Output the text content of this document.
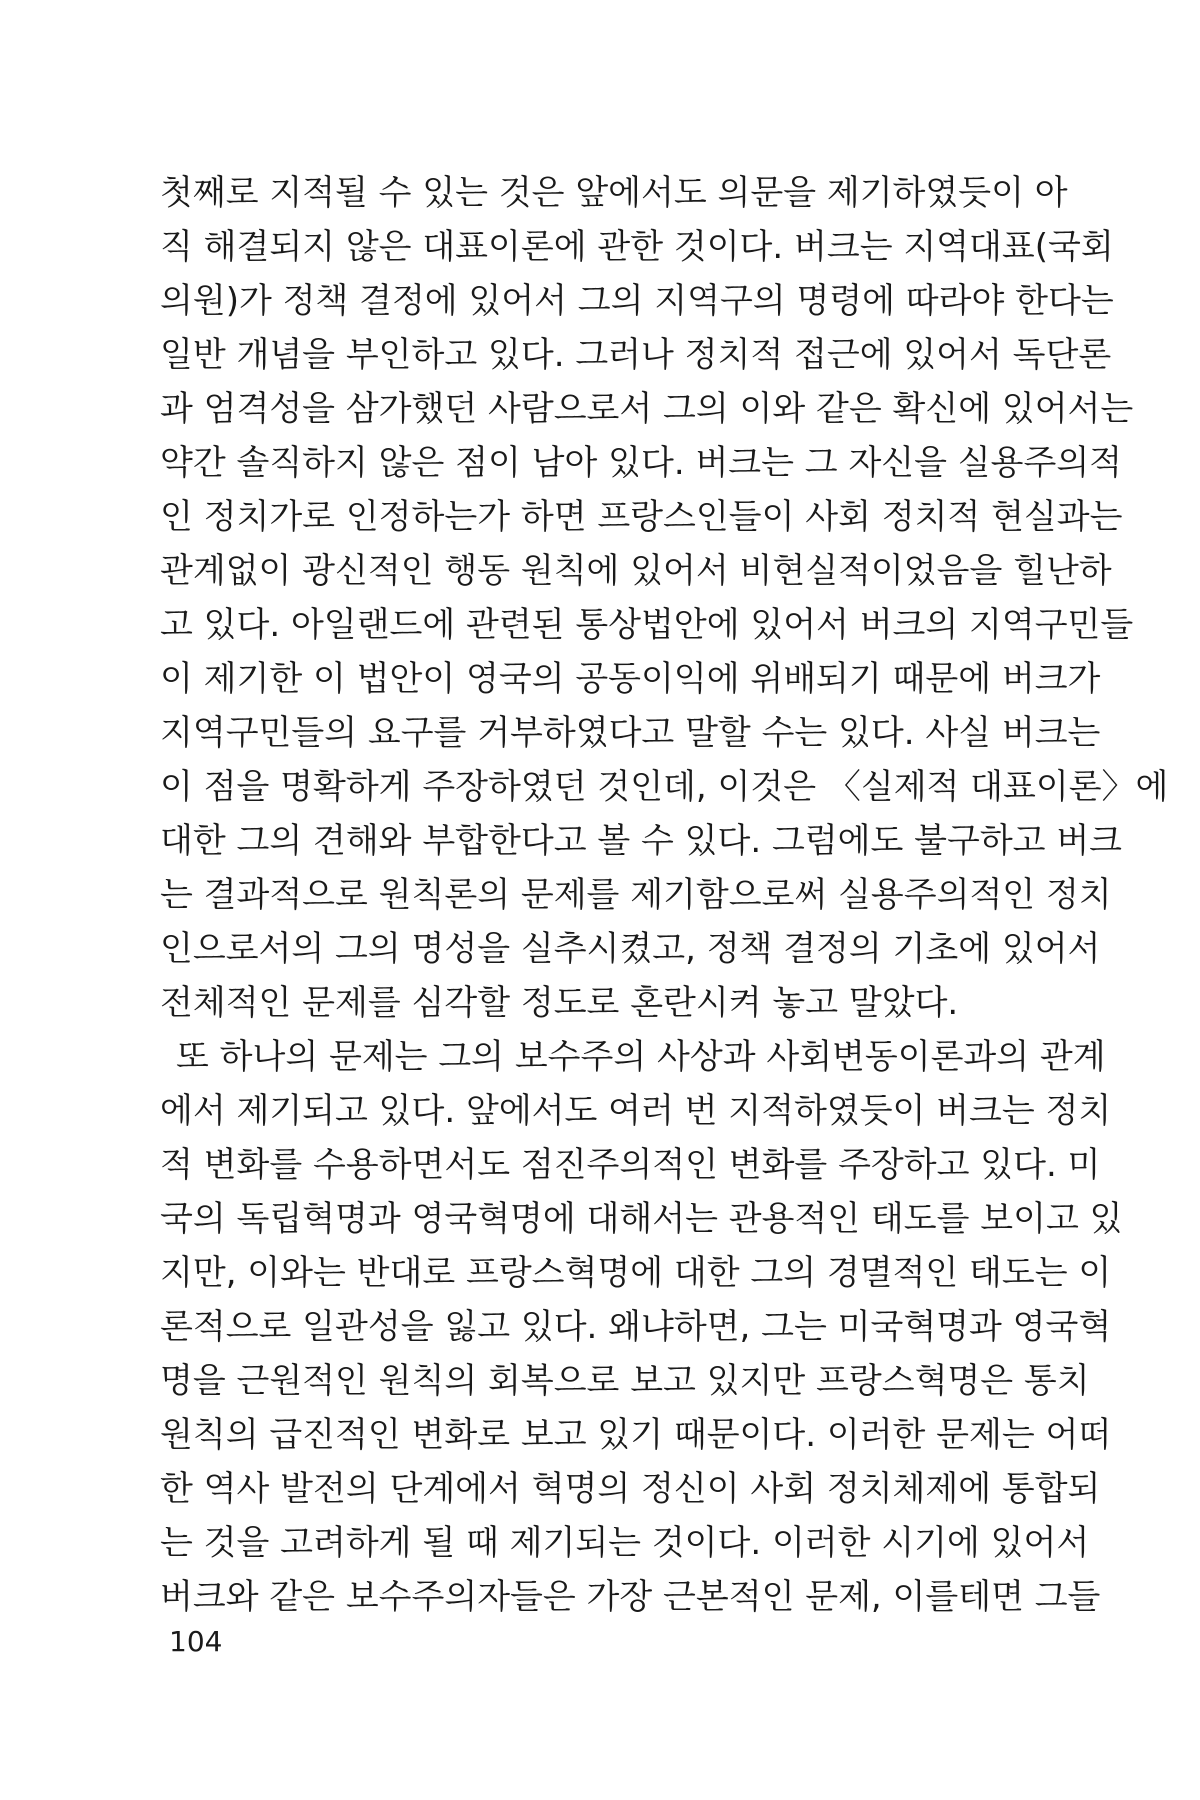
첫째로 지적될 수 있는 것은 앞에서도 의문을 제기하였듯이 아
직 해결되지 않은 대표이론에 관한 것이다. 버크는 지역대표(국회
의원)가 정책 결정에 있어서 그의 지역구의 명령에 따라야 한다는
일반 개념을 부인하고 있다. 그러나 정치적 접근에 있어서 독단론
과 엄격성을 삼가했던 사람으로서 그의 이와 같은 확신에 있어서는
약간 솔직하지 않은 점이 남아 있다. 버크는 그 자신을 실용주의적
인 정치가로 인정하는가 하면 프랑스인들이 사회 정치적 현실과는
관계없이 광신적인 행동 원칙에 있어서 비현실적이었음을 힐난하
고 있다. 아일랜드에 관련된 통상법안에 있어서 버크의 지역구민들
이 제기한 이 법안이 영국의 공동이익에 위배되기 때문에 버크가
지역구민들의 요구를 거부하였다고 말할 수는 있다. 사실 버크는
이 점을 명확하게 주장하였던 것인데, 이것은 〈실제적 대표이론〉에
대한 그의 견해와 부합한다고 볼 수 있다. 그럼에도 불구하고 버크
는 결과적으로 원칙론의 문제를 제기함으로써 실용주의적인 정치
인으로서의 그의 명성을 실추시켰고, 정책 결정의 기초에 있어서
전체적인 문제를 심각할 정도로 혼란시켜 놓고 말았다.
또 하나의 문제는 그의 보수주의 사상과 사회변동이론과의 관계
에서 제기되고 있다. 앞에서도 여러 번 지적하였듯이 버크는 정치
적 변화를 수용하면서도 점진주의적인 변화를 주장하고 있다. 미
국의 독립혁명과 영국혁명에 대해서는 관용적인 태도를 보이고 있
지만, 이와는 반대로 프랑스혁명에 대한 그의 경멸적인 태도는 이
론적으로 일관성을 잃고 있다. 왜냐하면, 그는 미국혁명과 영국혁
명을 근원적인 원칙의 회복으로 보고 있지만 프랑스혁명은 통치
원칙의 급진적인 변화로 보고 있기 때문이다. 이러한 문제는 어떠
한 역사 발전의 단계에서 혁명의 정신이 사회 정치체제에 통합되
는 것을 고려하게 될 때 제기되는 것이다. 이러한 시기에 있어서
버크와 같은 보수주의자들은 가장 근본적인 문제, 이를테면 그들
104
